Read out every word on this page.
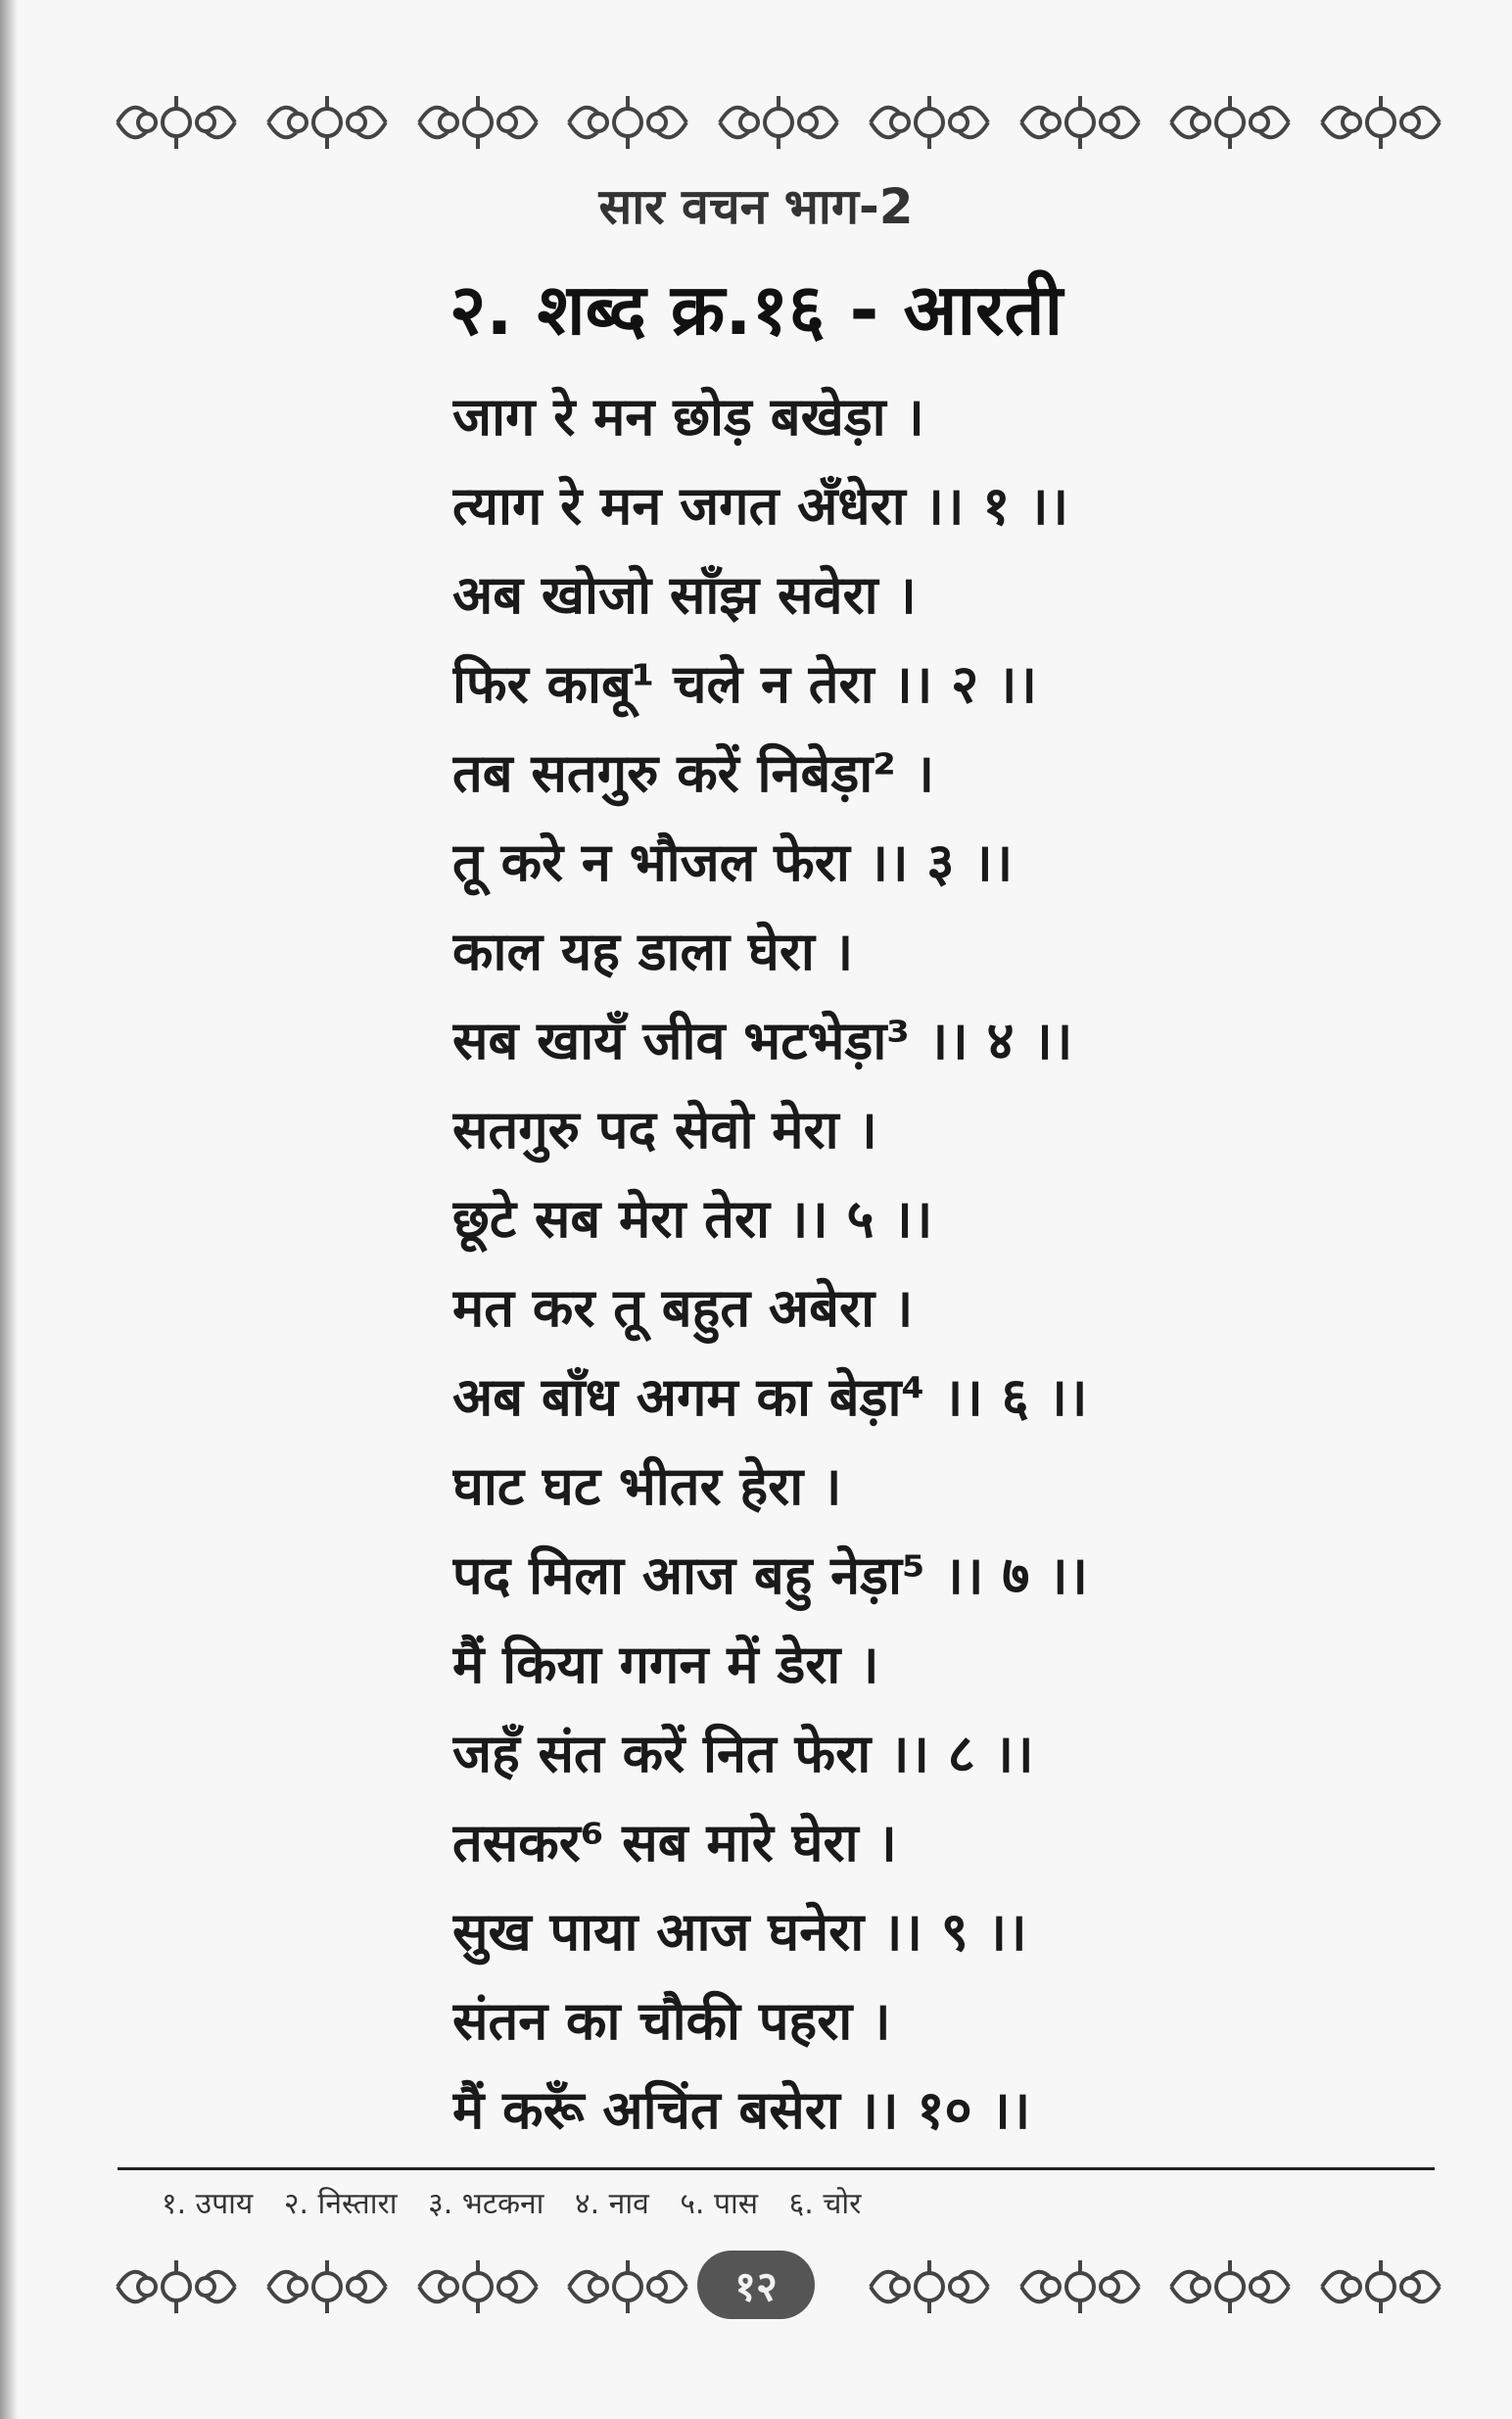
सार वचन भाग-2
२. शब्द क्र.१६ - आरती
जाग रे मन छोड़ बखेड़ा ।
त्याग रे मन जगत अँधेरा ।। १ ।।
अब खोजो साँझ सवेरा ।
फिर काबू¹ चले न तेरा ।। २ ।।
तब सतगुरु करें निबेड़ा² ।
तू करे न भौजल फेरा ।। ३ ।।
काल यह डाला घेरा ।
सब खायँ जीव भटभेड़ा³ ।। ४ ।।
सतगुरु पद सेवो मेरा ।
छूटे सब मेरा तेरा ।। ५ ।।
मत कर तू बहुत अबेरा ।
अब बाँध अगम का बेड़ा⁴ ।। ६ ।।
घाट घट भीतर हेरा ।
पद मिला आज बहु नेड़ा⁵ ।। ७ ।।
मैं किया गगन में डेरा ।
जहँ संत करें नित फेरा ।। ८ ।।
तसकर⁶ सब मारे घेरा ।
सुख पाया आज घनेरा ।। ९ ।।
संतन का चौकी पहरा ।
मैं करूँ अचिंत बसेरा ।। १० ।।
१. उपाय २. निस्तारा ३. भटकना ४. नाव ५. पास ६. चोर
१२
